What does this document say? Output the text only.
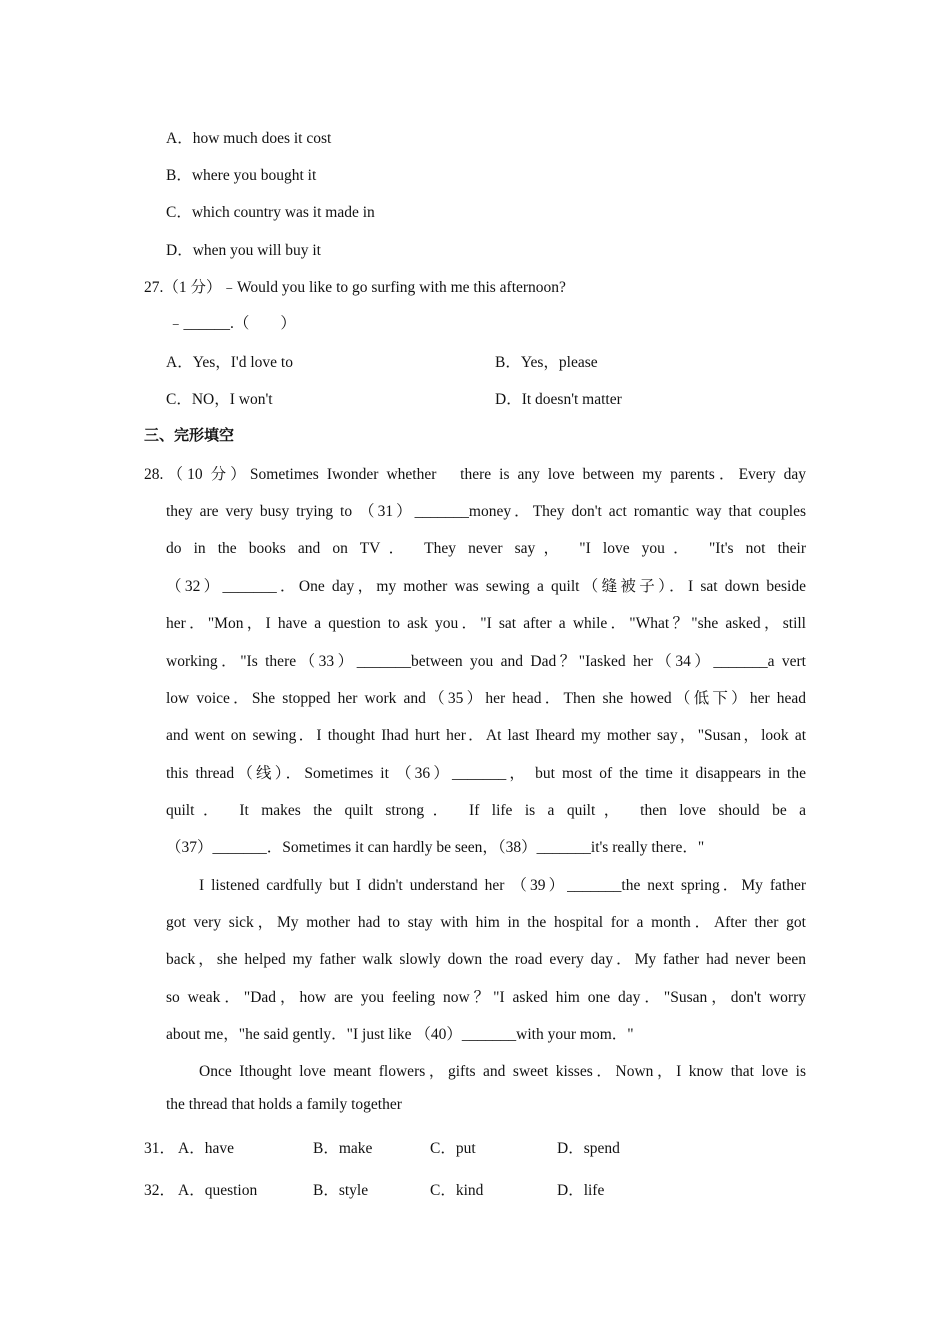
A．how much does it cost
B．where you bought it
C．which country was it made in
D．when you will buy it
27.（1 分）﹣Would you like to go surfing with me this afternoon?
﹣______.（　　）
A．Yes，I'd love to	B．Yes，please
C．NO，I won't	D．It doesn't matter
三、完形填空
28.（10 分）Sometimes Iwonder whether　there is any love between my parents．Every day
they are very busy trying to （31）_______money．They don't act romantic way that couples
do in the books and on TV． They never say， "I love you． "It's not their
（32）_______．One day，my mother was sewing a quilt（缝被子）．I sat down beside
her．"Mon，I have a question to ask you．"I sat after a while．"What？"she asked，still
working．"Is there（33）_______between you and Dad？"Iasked her（34）_______a vert
low voice．She stopped her work and（35）her head．Then she howed（低下）her head
and went on sewing．I thought Ihad hurt her．At last Iheard my mother say，"Susan，look at
this thread（线）．Sometimes it （36）_______， but most of the time it disappears in the
quilt． It makes the quilt strong． If life is a quilt， then love should be a
（37）_______．Sometimes it can hardly be seen，（38）_______it's really there．"
I listened cardfully but I didn't understand her （39）_______the next spring．My father
got very sick，My mother had to stay with him in the hospital for a month．After ther got
back，she helped my father walk slowly down the road every day．My father had never been
so weak．"Dad，how are you feeling now？"I asked him one day．"Susan，don't worry
about me，"he said gently．"I just like （40）_______with your mom．"
Once Ithought love meant flowers，gifts and sweet kisses．Nown，I know that love is
the thread that holds a family together
31． A．have	B．make	C．put	D．spend
32． A．question	B．style	C．kind	D．life
